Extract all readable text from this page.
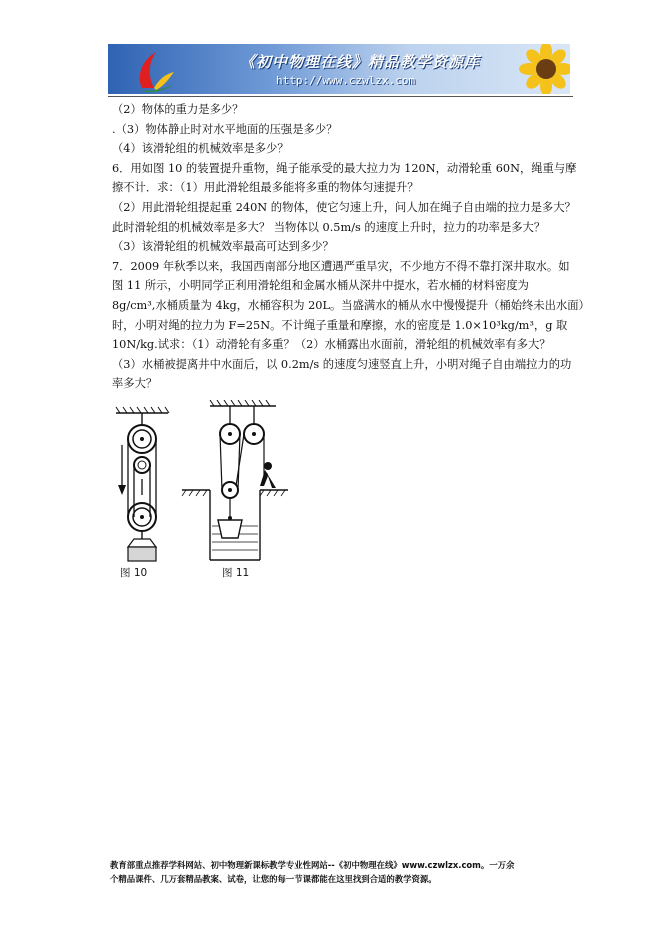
《初中物理在线》精品教学资源库
http://www.czwlzx.com

（2）物体的重力是多少？

.（3）物体静止时对水平地面的压强是多少？

（4）该滑轮组的机械效率是多少？

6．用如图 10 的装置提升重物，绳子能承受的最大拉力为 120N，动滑轮重 60N，绳重与摩

擦不计．求：（1）用此滑轮组最多能将多重的物体匀速提升？

（2）用此滑轮组提起重 240N 的物体，使它匀速上升，问人加在绳子自由端的拉力是多大？

此时滑轮组的机械效率是多大？ 当物体以 0.5m/s 的速度上升时，拉力的功率是多大？

（3）该滑轮组的机械效率最高可达到多少？

7．2009 年秋季以来，我国西南部分地区遭遇严重旱灾，不少地方不得不靠打深井取水。如

图 11 所示，小明同学正利用滑轮组和金属水桶从深井中提水，若水桶的材料密度为

8g/cm³,水桶质量为 4kg，水桶容积为 20L。当盛满水的桶从水中慢慢提升（桶始终未出水面）

时，小明对绳的拉力为 F=25N。不计绳子重量和摩擦，水的密度是 1.0×10³kg/m³，g 取

10N/kg.试求：（1）动滑轮有多重？（2）水桶露出水面前，滑轮组的机械效率有多大？

（3）水桶被提离井中水面后，以 0.2m/s 的速度匀速竖直上升，小明对绳子自由端拉力的功

率多大？

图 10	图 11

教育部重点推荐学科网站、初中物理新课标教学专业性网站--《初中物理在线》www.czwlzx.com。一万余

个精品课件、几万套精品教案、试卷，让您的每一节课都能在这里找到合适的教学资源。
